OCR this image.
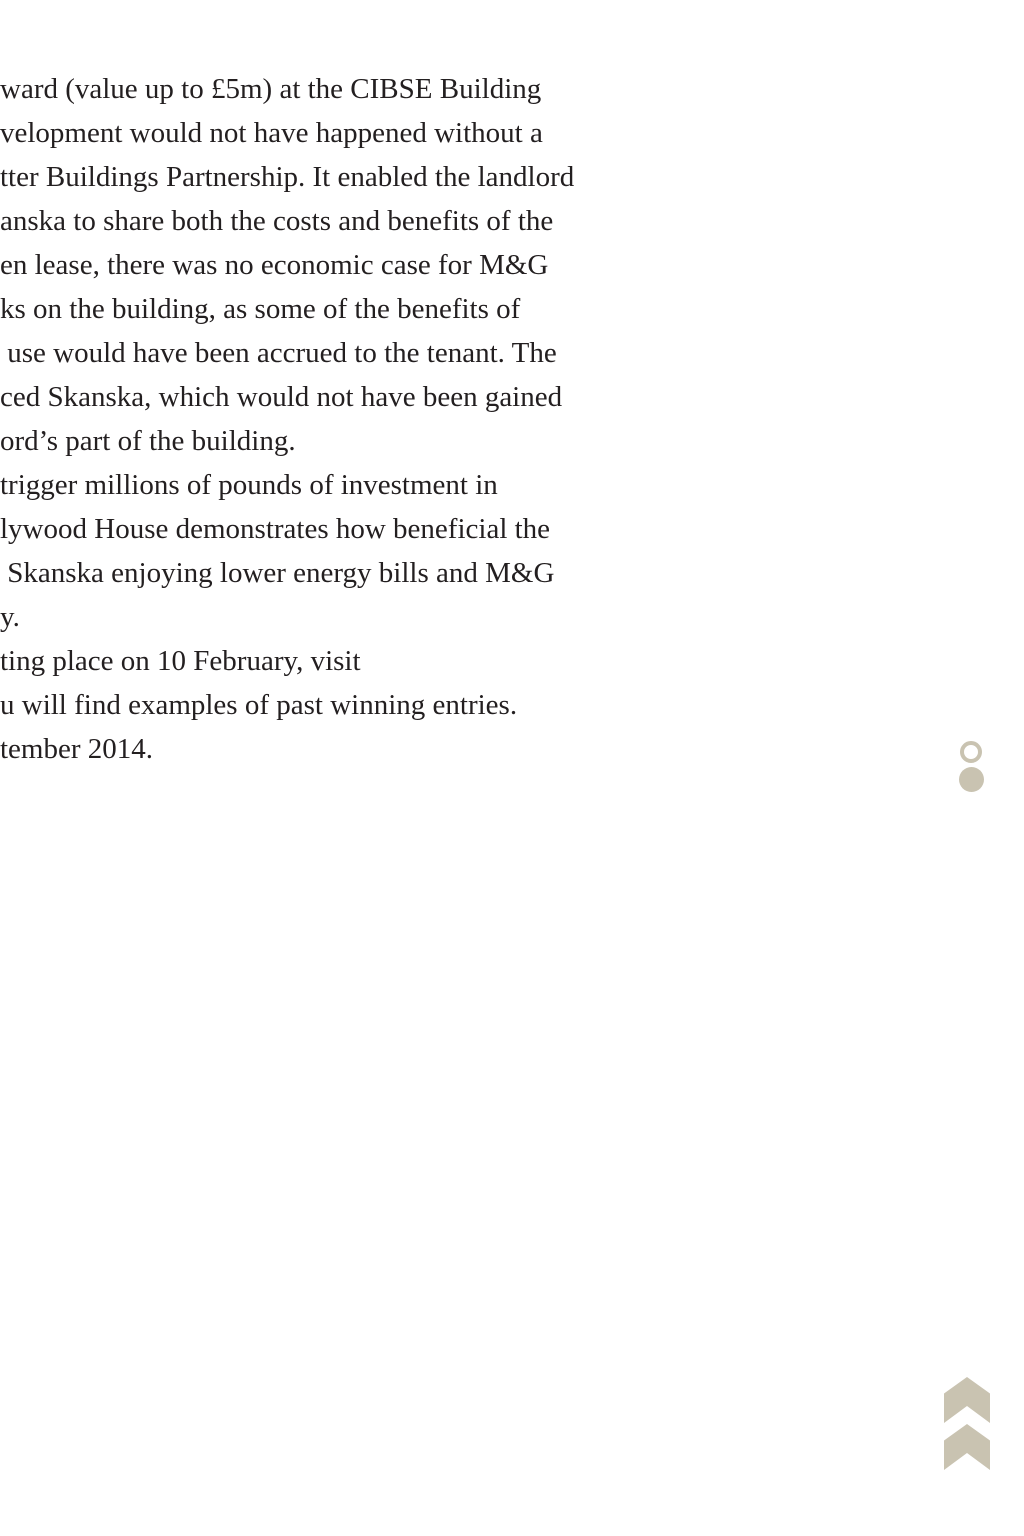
ward (value up to £5m) at the CIBSE Building
velopment would not have happened without a
tter Buildings Partnership. It enabled the landlord
anska to share both the costs and benefits of the
en lease, there was no economic case for M&G
ks on the building, as some of the benefits of
use would have been accrued to the tenant. The
ced Skanska, which would not have been gained
ord’s part of the building.
trigger millions of pounds of investment in
lywood House demonstrates how beneficial the
Skanska enjoying lower energy bills and M&G
y.
ting place on 10 February, visit
u will find examples of past winning entries.
tember 2014.
